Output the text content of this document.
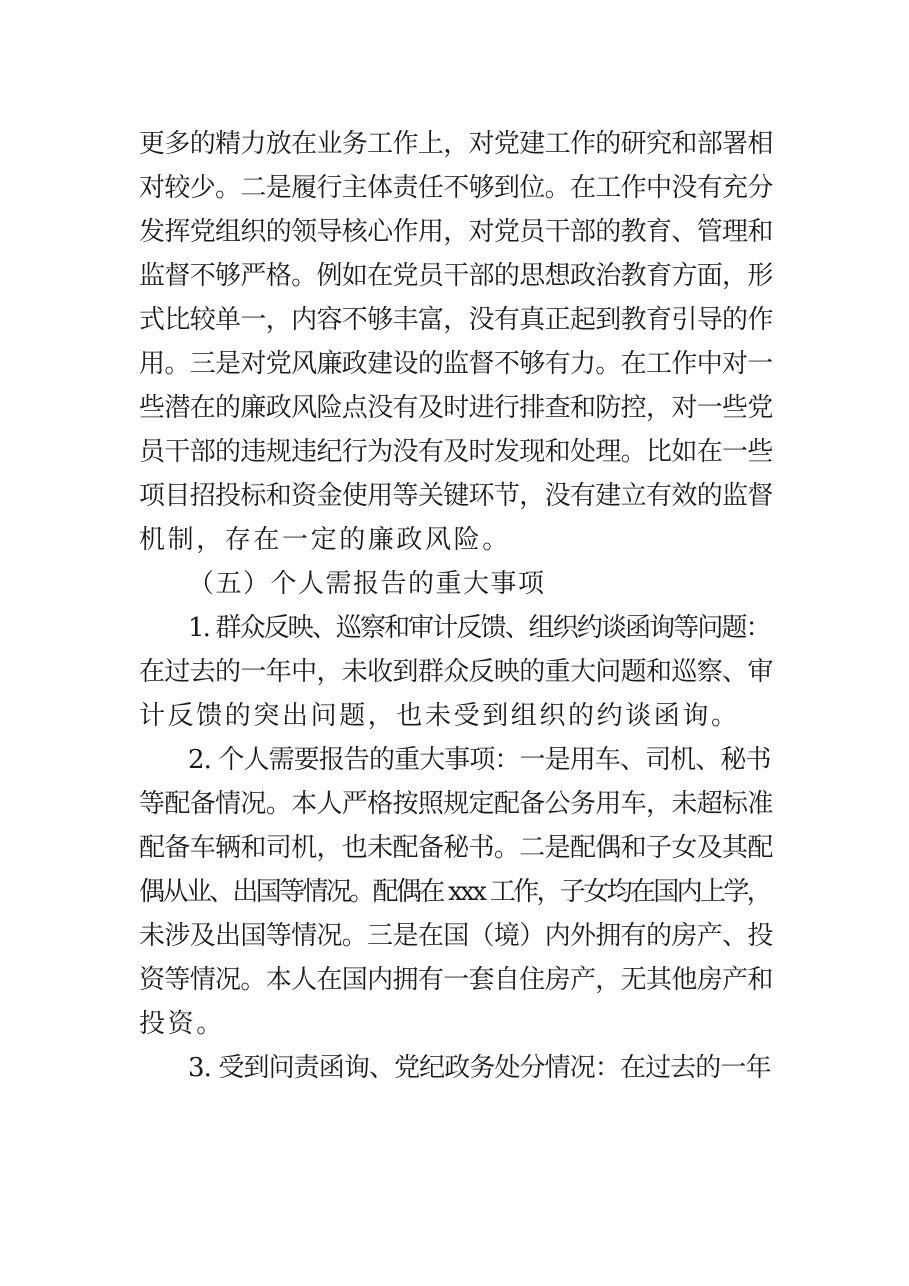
更多的精力放在业务工作上，对党建工作的研究和部署相
对较少。二是履行主体责任不够到位。在工作中没有充分
发挥党组织的领导核心作用，对党员干部的教育、管理和
监督不够严格。例如在党员干部的思想政治教育方面，形
式比较单一，内容不够丰富，没有真正起到教育引导的作
用。三是对党风廉政建设的监督不够有力。在工作中对一
些潜在的廉政风险点没有及时进行排查和防控，对一些党
员干部的违规违纪行为没有及时发现和处理。比如在一些
项目招投标和资金使用等关键环节，没有建立有效的监督
机制，存在一定的廉政风险。
（五）个人需报告的重大事项
1. 群众反映、巡察和审计反馈、组织约谈函询等问题：
在过去的一年中，未收到群众反映的重大问题和巡察、审
计反馈的突出问题，也未受到组织的约谈函询。
2. 个人需要报告的重大事项：一是用车、司机、秘书
等配备情况。本人严格按照规定配备公务用车，未超标准
配备车辆和司机，也未配备秘书。二是配偶和子女及其配
偶从业、出国等情况。配偶在 xxx 工作，子女均在国内上学，
未涉及出国等情况。三是在国（境）内外拥有的房产、投
资等情况。本人在国内拥有一套自住房产，无其他房产和
投资。
3. 受到问责函询、党纪政务处分情况：在过去的一年
